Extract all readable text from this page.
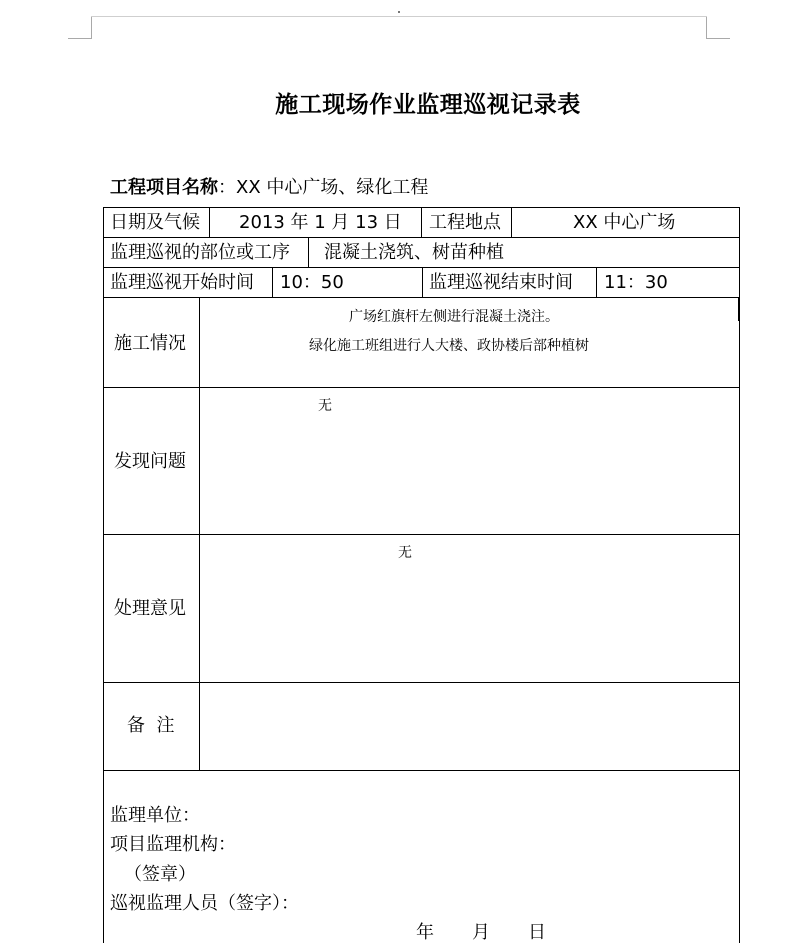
施工现场作业监理巡视记录表
工程项目名称：XX 中心广场、绿化工程
日期及气候 2013 年 1 月 13 日 工程地点	XX 中心广场
监理巡视的部位或工序 混凝土浇筑、树苗种植
监理巡视开始时间 10：50	监理巡视结束时间 11：30
施工情况
广场红旗杆左侧进行混凝土浇注。
绿化施工班组进行人大楼、政协楼后部种植树
发现问题
无
处理意见
无
备  注
监理单位：
项目监理机构：
（签章）
巡视监理人员（签字）：
年 月 日
